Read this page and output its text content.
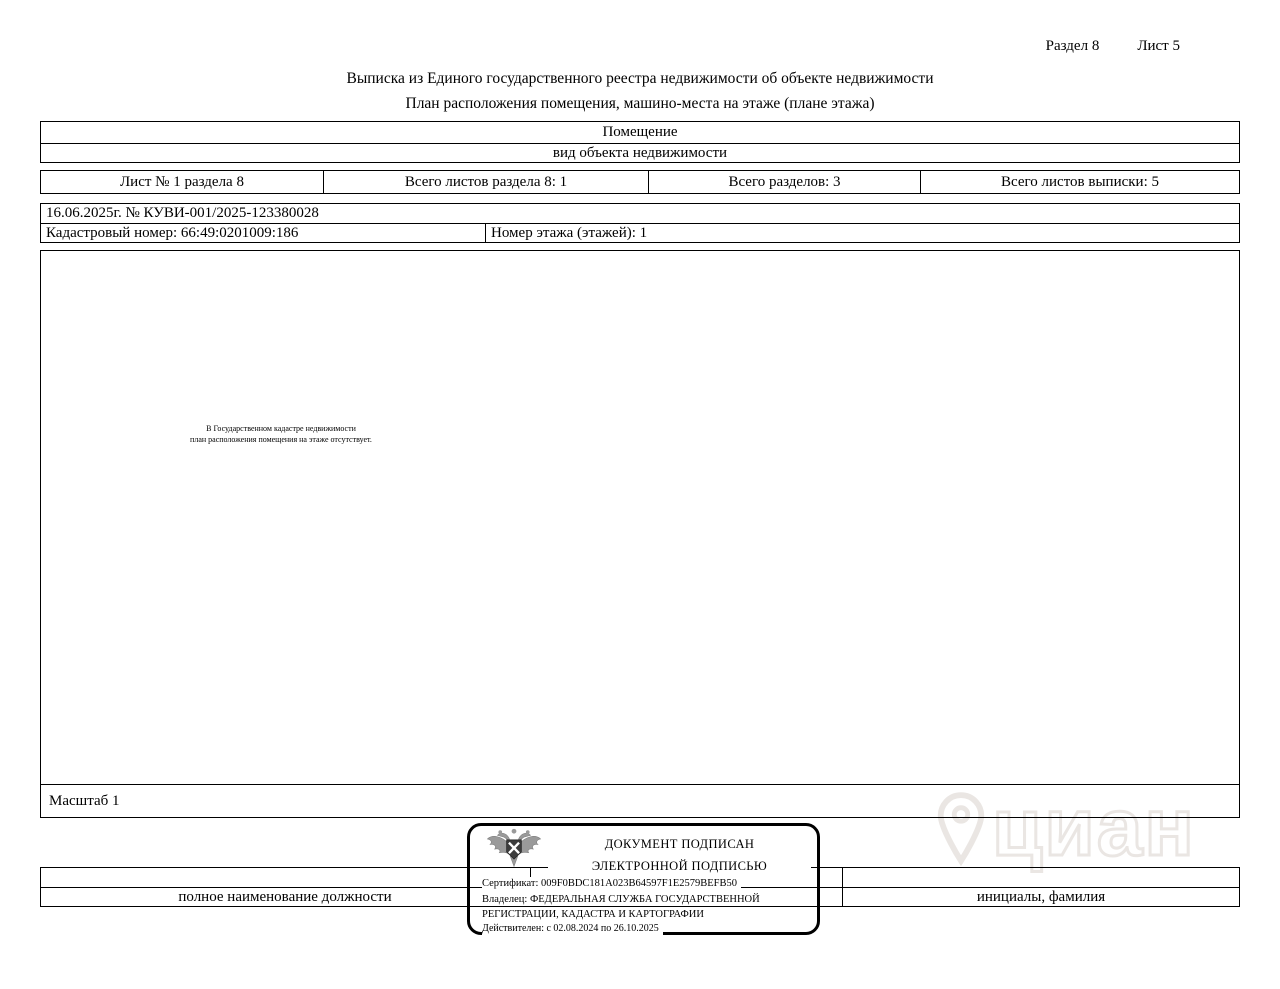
циан
Раздел 8	Лист 5
Выписка из Единого государственного реестра недвижимости об объекте недвижимости
План расположения помещения, машино-места на этаже (плане этажа)
Помещение
вид объекта недвижимости
Лист № 1 раздела 8	Всего листов раздела 8: 1	Всего разделов: 3	Всего листов выписки: 5
16.06.2025г. № КУВИ-001/2025-123380028
Кадастровый номер: 66:49:0201009:186	Номер этажа (этажей): 1
В Государственном кадастре недвижимости
план расположения помещения на этаже отсутствует.
Масштаб 1
полное наименование должности	инициалы, фамилия
ДОКУМЕНТ ПОДПИСАН
ЭЛЕКТРОННОЙ ПОДПИСЬЮ
Сертификат: 009F0BDC181A023B64597F1E2579BEFB50
Владелец: ФЕДЕРАЛЬНАЯ СЛУЖБА ГОСУДАРСТВЕННОЙ
РЕГИСТРАЦИИ, КАДАСТРА И КАРТОГРАФИИ
Действителен: с 02.08.2024 по 26.10.2025
